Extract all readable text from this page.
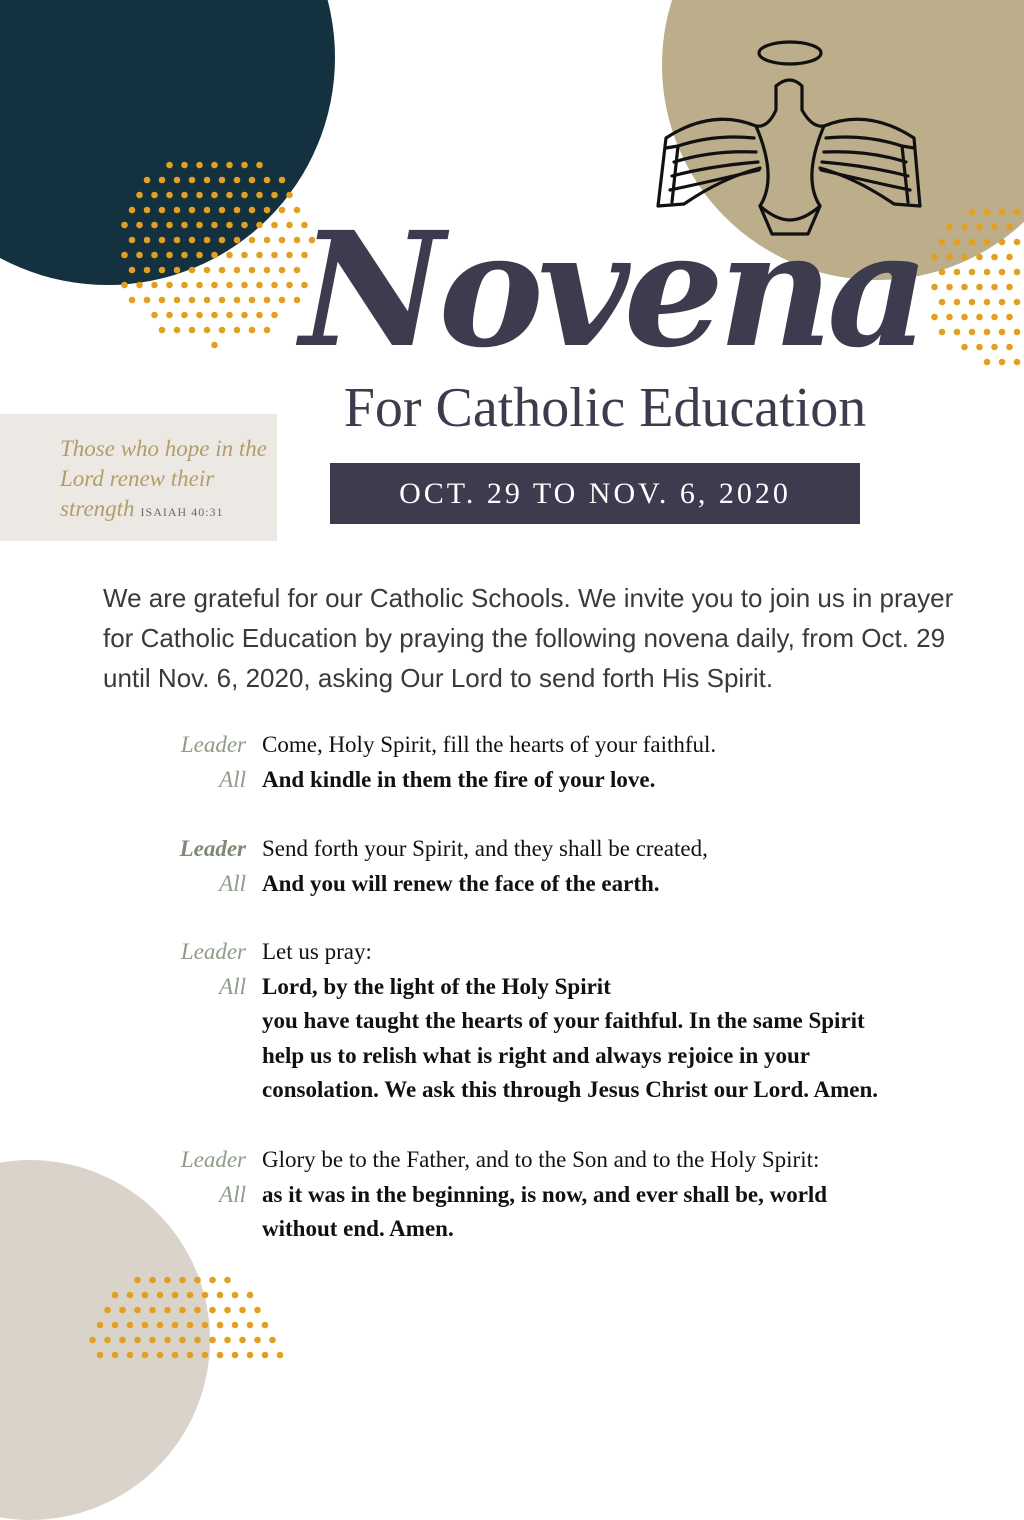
Novena
For Catholic Education
OCT. 29 TO NOV. 6, 2020
Those who hope in the Lord renew their strength ISAIAH 40:31
We are grateful for our Catholic Schools. We invite you to join us in prayer for Catholic Education by praying the following novena daily, from Oct. 29 until Nov. 6, 2020, asking Our Lord to send forth His Spirit.
Leader Come, Holy Spirit, fill the hearts of your faithful.
All And kindle in them the fire of your love.
Leader Send forth your Spirit, and they shall be created,
All And you will renew the face of the earth.
Leader Let us pray:
All Lord, by the light of the Holy Spirit
you have taught the hearts of your faithful. In the same Spirit
help us to relish what is right and always rejoice in your
consolation. We ask this through Jesus Christ our Lord. Amen.
Leader Glory be to the Father, and to the Son and to the Holy Spirit:
All as it was in the beginning, is now, and ever shall be, world
without end. Amen.
